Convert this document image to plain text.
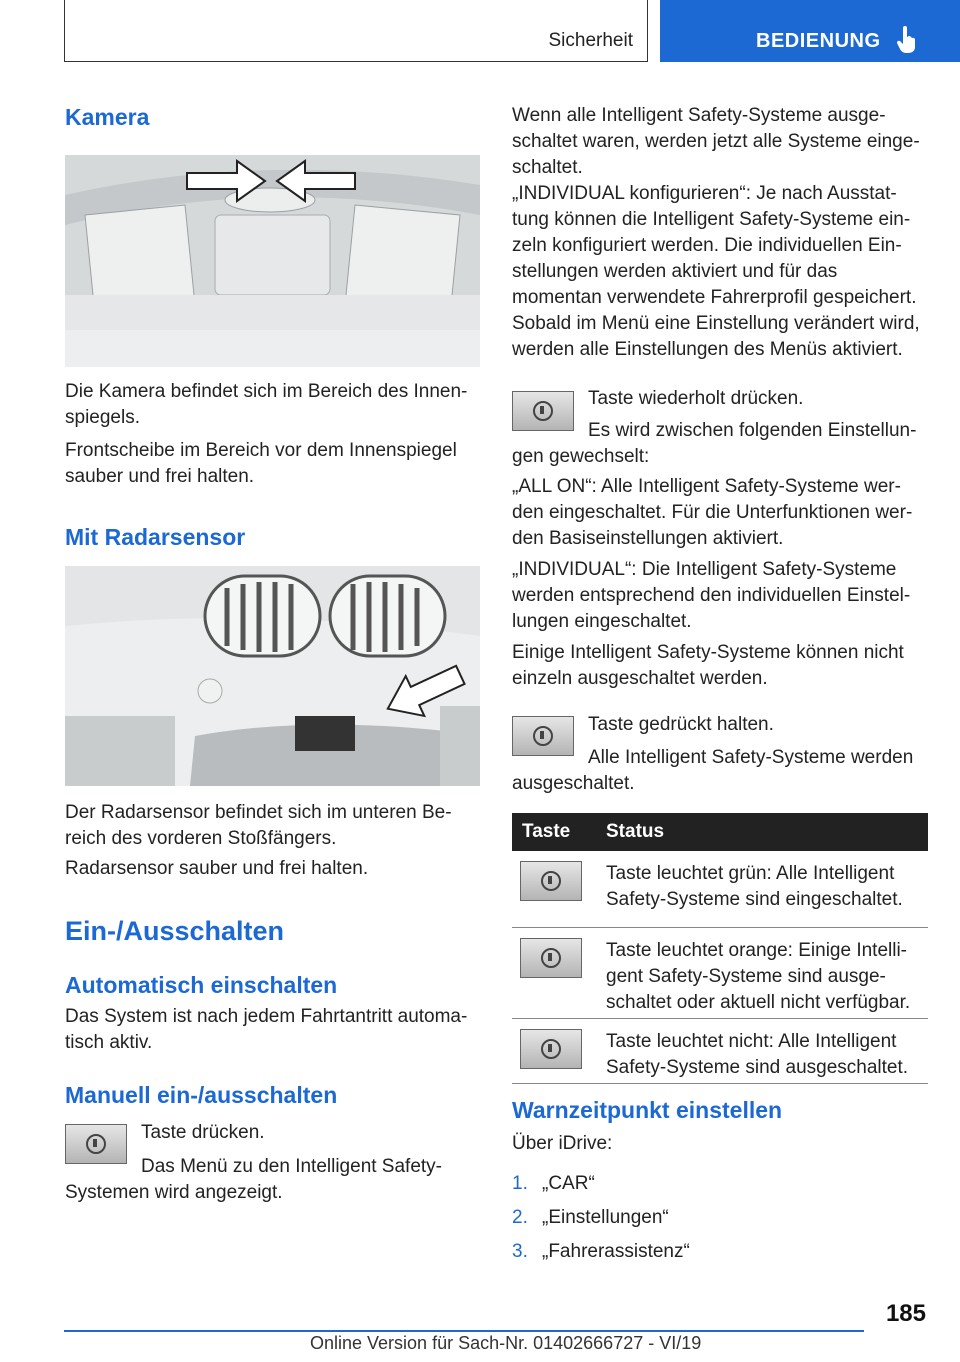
Sicherheit	BEDIENUNG

Kamera

Die Kamera befindet sich im Bereich des Innen-spiegels.

Frontscheibe im Bereich vor dem Innenspiegel sauber und frei halten.

Mit Radarsensor

Der Radarsensor befindet sich im unteren Be-reich des vorderen Stoßfängers.

Radarsensor sauber und frei halten.

Ein-/Ausschalten

Automatisch einschalten

Das System ist nach jedem Fahrtantritt automa-tisch aktiv.

Manuell ein-/ausschalten

Taste drücken.

Das Menü zu den Intelligent Safety-

Systemen wird angezeigt.

Wenn alle Intelligent Safety-Systeme ausge-schaltet waren, werden jetzt alle Systeme einge-schaltet.

„INDIVIDUAL konfigurieren“: Je nach Ausstat-tung können die Intelligent Safety-Systeme ein-zeln konfiguriert werden. Die individuellen Ein-stellungen werden aktiviert und für das momentan verwendete Fahrerprofil gespeichert. Sobald im Menü eine Einstellung verändert wird, werden alle Einstellungen des Menüs aktiviert.

Taste wiederholt drücken.

Es wird zwischen folgenden Einstellun-

gen gewechselt:

„ALL ON“: Alle Intelligent Safety-Systeme wer-den eingeschaltet. Für die Unterfunktionen wer-den Basiseinstellungen aktiviert.

„INDIVIDUAL“: Die Intelligent Safety-Systeme werden entsprechend den individuellen Einstel-lungen eingeschaltet.

Einige Intelligent Safety-Systeme können nicht einzeln ausgeschaltet werden.

Taste gedrückt halten.

Alle Intelligent Safety-Systeme werden

ausgeschaltet.

Taste	Status

	Taste leuchtet grün: Alle Intelligent Safety-Systeme sind eingeschaltet.

	Taste leuchtet orange: Einige Intelli-gent Safety-Systeme sind ausge-schaltet oder aktuell nicht verfügbar.

	Taste leuchtet nicht: Alle Intelligent Safety-Systeme sind ausgeschaltet.

Warnzeitpunkt einstellen

Über iDrive:

1. „CAR“
2. „Einstellungen“
3. „Fahrerassistenz“

185

Online Version für Sach-Nr. 01402666727 - VI/19
